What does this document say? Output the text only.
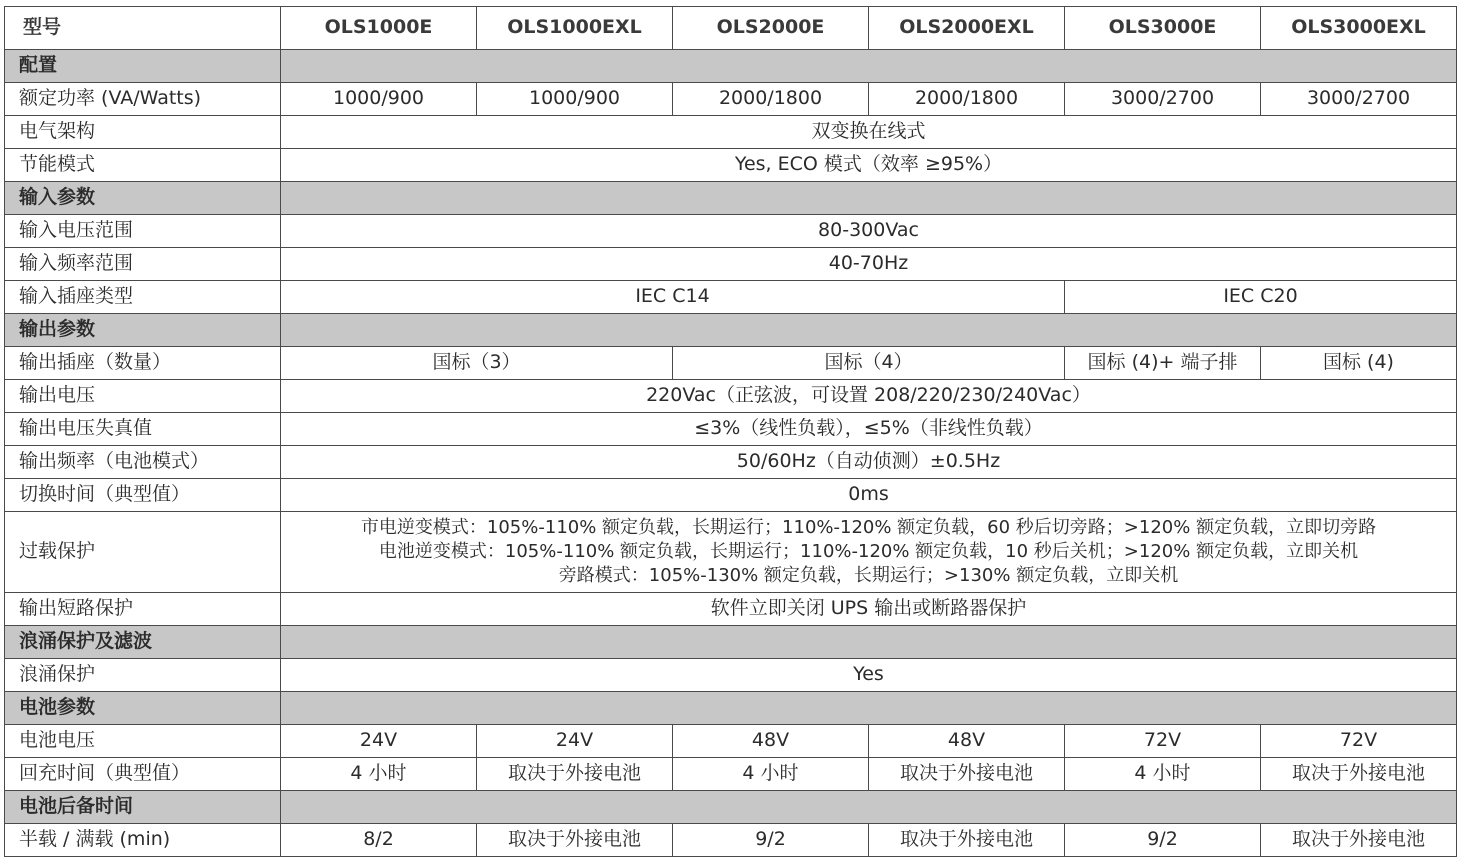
型号	OLS1000E	OLS1000EXL	OLS2000E	OLS2000EXL	OLS3000E	OLS3000EXL
配置						
额定功率 (VA/Watts)	1000/900	1000/900	2000/1800	2000/1800	3000/2700	3000/2700
电气架构	双变换在线式					
节能模式	Yes, ECO 模式（效率 ≥95%）					
输入参数						
输入电压范围	80-300Vac					
输入频率范围	40-70Hz					
输入插座类型	IEC C14				IEC C20	
输出参数						
输出插座（数量）	国标（3）		国标（4）		国标 (4)+ 端子排	国标 (4)
输出电压	220Vac（正弦波，可设置 208/220/230/240Vac）					
输出电压失真值	≤3%（线性负载），≤5%（非线性负载）					
输出频率（电池模式）	50/60Hz（自动侦测）±0.5Hz					
切换时间（典型值）	0ms					
过载保护	市电逆变模式：105%-110% 额定负载，长期运行；110%-120% 额定负载，60 秒后切旁路；>120% 额定负载，立即切旁路
电池逆变模式：105%-110% 额定负载，长期运行；110%-120% 额定负载，10 秒后关机；>120% 额定负载，立即关机
旁路模式：105%-130% 额定负载，长期运行；>130% 额定负载，立即关机					

输出短路保护	软件立即关闭 UPS 输出或断路器保护					
浪涌保护及滤波						
浪涌保护	Yes					
电池参数						
电池电压	24V	24V	48V	48V	72V	72V
回充时间（典型值）	4 小时	取决于外接电池	4 小时	取决于外接电池	4 小时	取决于外接电池
电池后备时间						
半载 / 满载 (min)	8/2	取决于外接电池	9/2	取决于外接电池	9/2	取决于外接电池
